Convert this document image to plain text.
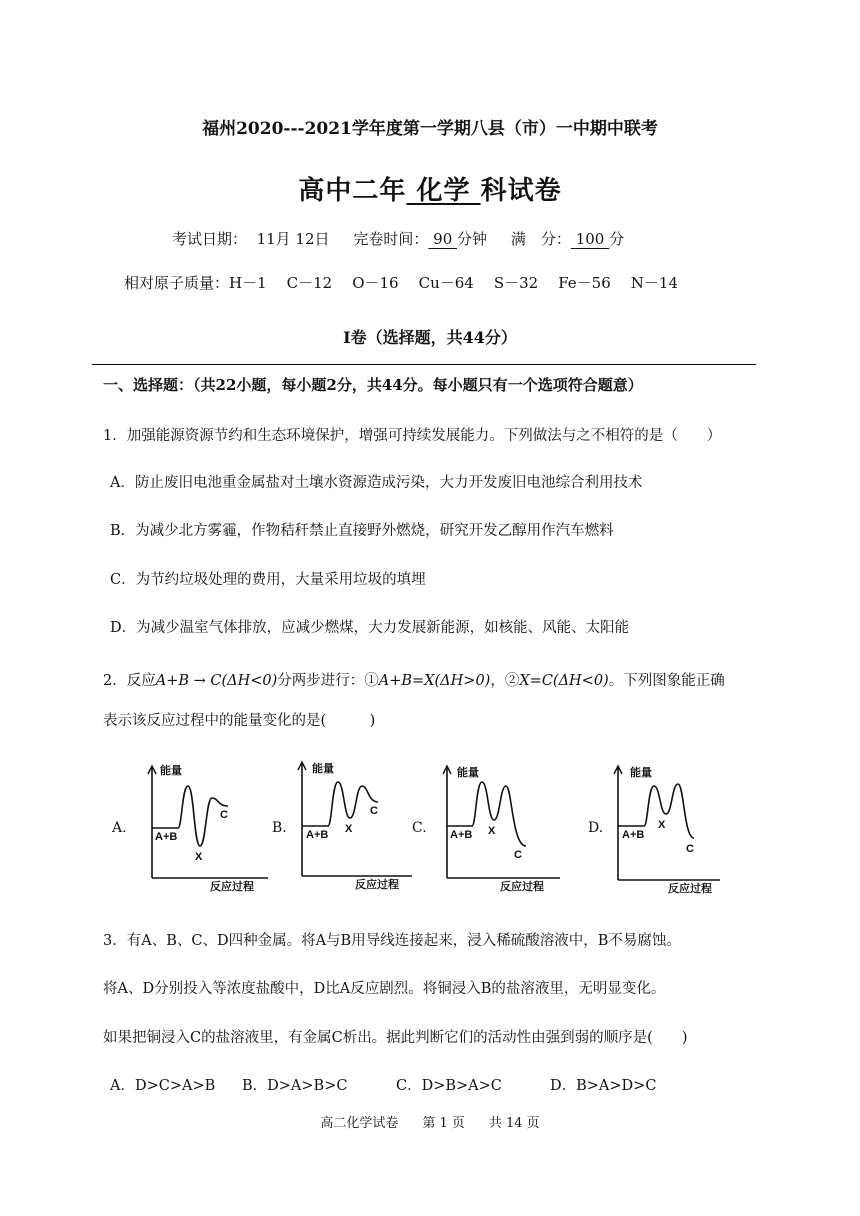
福州2020---2021学年度第一学期八县（市）一中期中联考
高中二年 化学 科试卷
考试日期： 11月 12日 完卷时间： 90 分钟 满　分： 100 分
相对原子质量：H－1 C－12 O－16 Cu－64 S－32 Fe－56 N－14
Ⅰ卷（选择题，共44分）
一、选择题：（共22小题，每小题2分，共44分。每小题只有一个选项符合题意）
1．加强能源资源节约和生态环境保护，增强可持续发展能力。下列做法与之不相符的是（　　）
A．防止废旧电池重金属盐对土壤水资源造成污染，大力开发废旧电池综合利用技术
B．为减少北方雾霾，作物秸秆禁止直接野外燃烧，研究开发乙醇用作汽车燃料
C．为节约垃圾处理的费用，大量采用垃圾的填埋
D．为减少温室气体排放，应减少燃煤，大力发展新能源，如核能、风能、太阳能
2．反应A+B → C(ΔH<0)分两步进行：①A+B=X(ΔH>0)，②X=C(ΔH<0)。下列图象能正确
表示该反应过程中的能量变化的是(　　　)
A.	B.	C.	D.
能量
反应过程
A+B
X
C
能量
反应过程
A+B X
C
能量
反应过程
A+B X
C
能量
反应过程
A+B
X
C
3．有A、B、C、D四种金属。将A与B用导线连接起来，浸入稀硫酸溶液中，B不易腐蚀。
将A、D分别投入等浓度盐酸中，D比A反应剧烈。将铜浸入B的盐溶液里，无明显变化。
如果把铜浸入C的盐溶液里，有金属C析出。据此判断它们的活动性由强到弱的顺序是(　　)
A．D>C>A>B B．D>A>B>C	C．D>B>A>C	D．B>A>D>C
高二化学试卷 第 1 页 共 14 页
